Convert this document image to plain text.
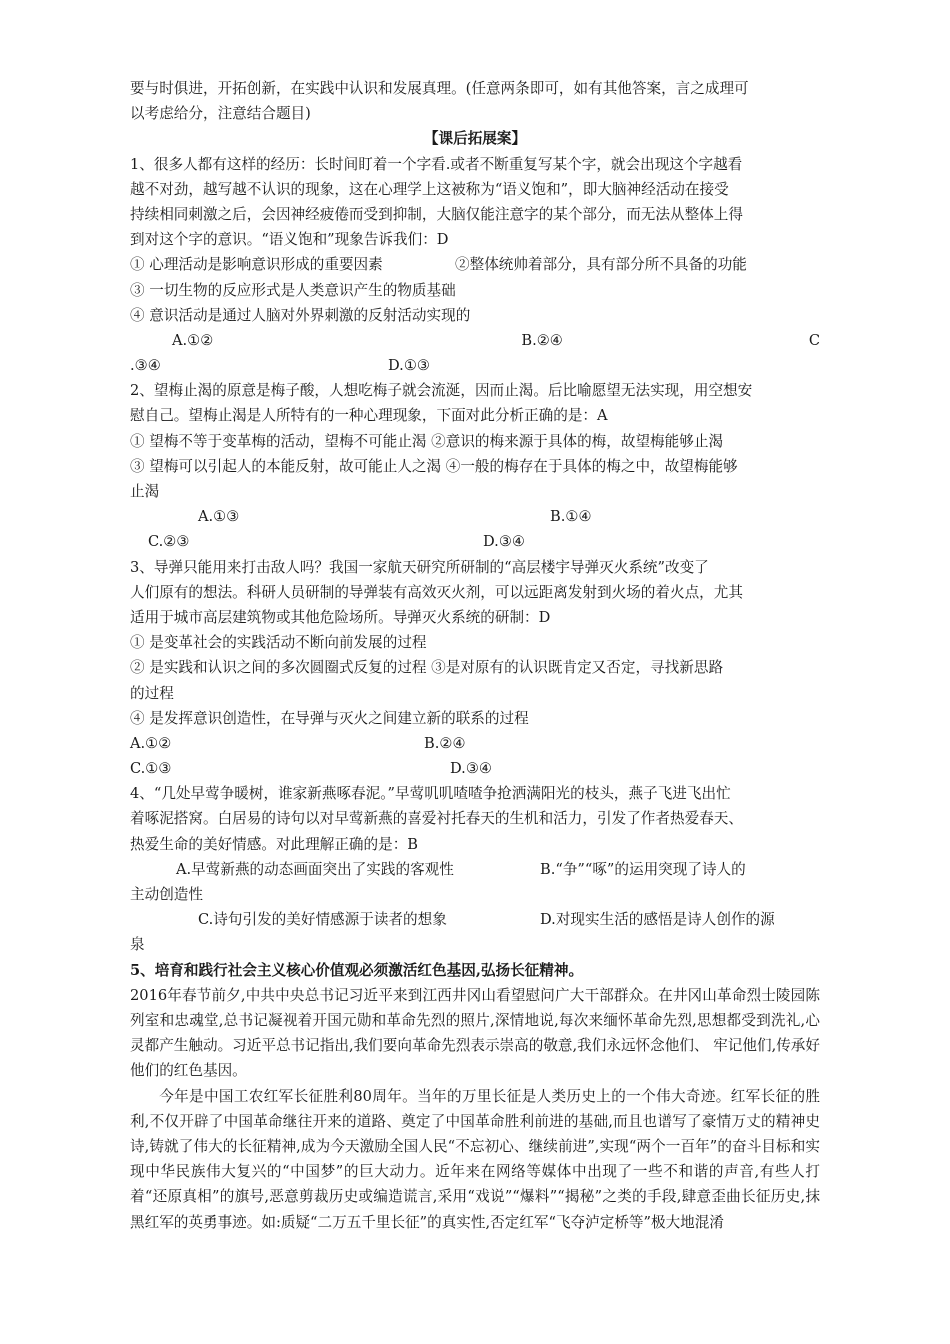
要与时俱进，开拓创新，在实践中认识和发展真理。(任意两条即可，如有其他答案，言之成理可
以考虑给分，注意结合题目)
【课后拓展案】
1、很多人都有这样的经历：长时间盯着一个字看.或者不断重复写某个字，就会出现这个字越看
越不对劲，越写越不认识的现象，这在心理学上这被称为“语义饱和”，即大脑神经活动在接受
持续相同刺激之后，会因神经疲倦而受到抑制，大脑仅能注意字的某个部分，而无法从整体上得
到对这个字的意识。“语义饱和”现象告诉我们：D
① 心理活动是影响意识形成的重要因素	②整体统帅着部分，具有部分所不具备的功能
③ 一切生物的反应形式是人类意识产生的物质基础
④ 意识活动是通过人脑对外界刺激的反射活动实现的
A.①②	B.②④	C
.③④	D.①③
2、望梅止渴的原意是梅子酸，人想吃梅子就会流涎，因而止渴。后比喻愿望无法实现，用空想安
慰自己。望梅止渴是人所特有的一种心理现象，下面对此分析正确的是：A
① 望梅不等于变革梅的活动，望梅不可能止渴 ②意识的梅来源于具体的梅，故望梅能够止渴
③ 望梅可以引起人的本能反射，故可能止人之渴 ④一般的梅存在于具体的梅之中，故望梅能够
止渴
A.①③	B.①④
C.②③	D.③④
3、导弹只能用来打击敌人吗？我国一家航天研究所研制的“高层楼宇导弹灭火系统”改变了
人们原有的想法。科研人员研制的导弹装有高效灭火剂，可以远距离发射到火场的着火点，尤其
适用于城市高层建筑物或其他危险场所。导弹灭火系统的研制：D
① 是变革社会的实践活动不断向前发展的过程
② 是实践和认识之间的多次圆圈式反复的过程 ③是对原有的认识既肯定又否定，寻找新思路
的过程
④ 是发挥意识创造性，在导弹与灭火之间建立新的联系的过程
A.①②	B.②④
C.①③	D.③④
4、“几处早莺争暖树，谁家新燕啄春泥。”早莺叽叽喳喳争抢洒满阳光的枝头，燕子飞进飞出忙
着啄泥搭窝。白居易的诗句以对早莺新燕的喜爱衬托春天的生机和活力，引发了作者热爱春天、
热爱生命的美好情感。对此理解正确的是：B
A.早莺新燕的动态画面突出了实践的客观性	B.“争”“啄”的运用突现了诗人的
主动创造性
C.诗句引发的美好情感源于读者的想象	D.对现实生活的感悟是诗人创作的源
泉
5、培育和践行社会主义核心价值观必须激活红色基因,弘扬长征精神。
2016年春节前夕,中共中央总书记习近平来到江西井冈山看望慰问广大干部群众。在井冈山革命烈士陵园陈列室和忠魂堂,总书记凝视着开国元勋和革命先烈的照片,深情地说,每次来缅怀革命先烈,思想都受到洗礼,心灵都产生触动。习近平总书记指出,我们要向革命先烈表示崇高的敬意,我们永远怀念他们、 牢记他们,传承好他们的红色基因。
今年是中国工农红军长征胜利80周年。当年的万里长征是人类历史上的一个伟大奇迹。红军长征的胜利,不仅开辟了中国革命继往开来的道路、奠定了中国革命胜利前进的基础,而且也谱写了豪情万丈的精神史诗,铸就了伟大的长征精神,成为今天激励全国人民“不忘初心、继续前进”,实现“两个一百年”的奋斗目标和实现中华民族伟大复兴的“中国梦”的巨大动力。近年来在网络等媒体中出现了一些不和谐的声音,有些人打着“还原真相”的旗号,恶意剪裁历史或编造谎言,采用“戏说”“爆料”“揭秘”之类的手段,肆意歪曲长征历史,抹黑红军的英勇事迹。如:质疑“二万五千里长征”的真实性,否定红军“飞夺泸定桥等”极大地混淆
